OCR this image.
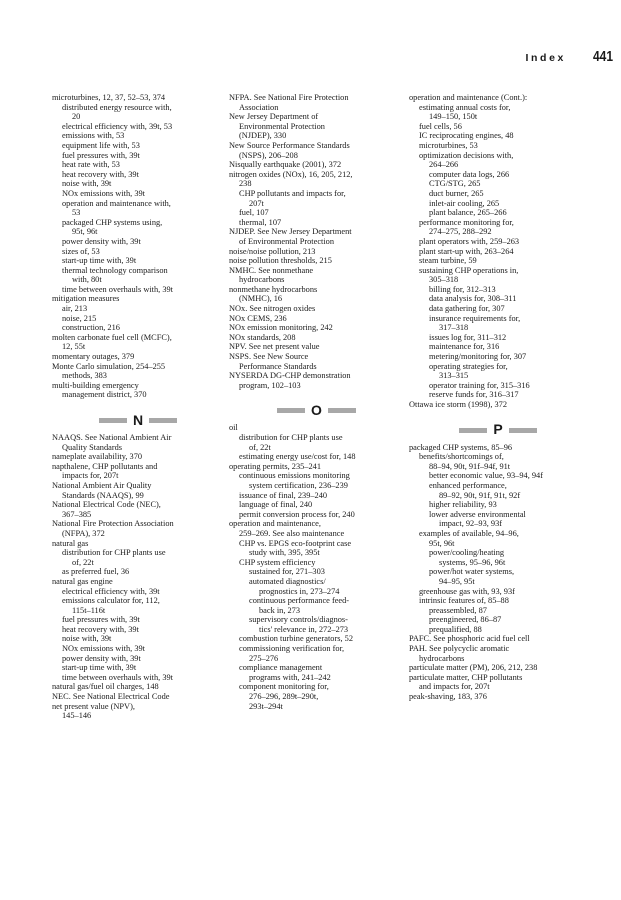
Index 441
microturbines, 12, 37, 52–53, 374
distributed energy resource with,
20
electrical efficiency with, 39t, 53
emissions with, 53
equipment life with, 53
fuel pressures with, 39t
heat rate with, 53
heat recovery with, 39t
noise with, 39t
NOx emissions with, 39t
operation and maintenance with,
53
packaged CHP systems using,
95t, 96t
power density with, 39t
sizes of, 53
start-up time with, 39t
thermal technology comparison
with, 80t
time between overhauls with, 39t
mitigation measures
air, 213
noise, 215
construction, 216
molten carbonate fuel cell (MCFC),
12, 55t
momentary outages, 379
Monte Carlo simulation, 254–255
methods, 383
multi-building emergency
management district, 370
N
NAAQS. See National Ambient Air
Quality Standards
nameplate availability, 370
napthalene, CHP pollutants and
impacts for, 207t
National Ambient Air Quality
Standards (NAAQS), 99
National Electrical Code (NEC),
367–385
National Fire Protection Association
(NFPA), 372
natural gas
distribution for CHP plants use
of, 22t
as preferred fuel, 36
natural gas engine
electrical efficiency with, 39t
emissions calculator for, 112,
115t–116t
fuel pressures with, 39t
heat recovery with, 39t
noise with, 39t
NOx emissions with, 39t
power density with, 39t
start-up time with, 39t
time between overhauls with, 39t
natural gas/fuel oil charges, 148
NEC. See National Electrical Code
net present value (NPV),
145–146
NFPA. See National Fire Protection
Association
New Jersey Department of
Environmental Protection
(NJDEP), 330
New Source Performance Standards
(NSPS), 206–208
Nisqually earthquake (2001), 372
nitrogen oxides (NOx), 16, 205, 212,
238
CHP pollutants and impacts for,
207t
fuel, 107
thermal, 107
NJDEP. See New Jersey Department
of Environmental Protection
noise/noise pollution, 213
noise pollution thresholds, 215
NMHC. See nonmethane
hydrocarbons
nonmethane hydrocarbons
(NMHC), 16
NOx. See nitrogen oxides
NOx CEMS, 236
NOx emission monitoring, 242
NOx standards, 208
NPV. See net present value
NSPS. See New Source
Performance Standards
NYSERDA DG-CHP demonstration
program, 102–103
O
oil
distribution for CHP plants use
of, 22t
estimating energy use/cost for, 148
operating permits, 235–241
continuous emissions monitoring
system certification, 236–239
issuance of final, 239–240
language of final, 240
permit conversion process for, 240
operation and maintenance,
259–269. See also maintenance
CHP vs. EPGS eco-footprint case
study with, 395, 395t
CHP system efficiency
sustained for, 271–303
automated diagnostics/
prognostics in, 273–274
continuous performance feed-
back in, 273
supervisory controls/diagnos-
tics' relevance in, 272–273
combustion turbine generators, 52
commissioning verification for,
275–276
compliance management
programs with, 241–242
component monitoring for,
276–296, 289t–290t,
293t–294t
operation and maintenance (Cont.):
estimating annual costs for,
149–150, 150t
fuel cells, 56
IC reciprocating engines, 48
microturbines, 53
optimization decisions with,
264–266
computer data logs, 266
CTG/STG, 265
duct burner, 265
inlet-air cooling, 265
plant balance, 265–266
performance monitoring for,
274–275, 288–292
plant operators with, 259–263
plant start-up with, 263–264
steam turbine, 59
sustaining CHP operations in,
305–318
billing for, 312–313
data analysis for, 308–311
data gathering for, 307
insurance requirements for,
317–318
issues log for, 311–312
maintenance for, 316
metering/monitoring for, 307
operating strategies for,
313–315
operator training for, 315–316
reserve funds for, 316–317
Ottawa ice storm (1998), 372
P
packaged CHP systems, 85–96
benefits/shortcomings of,
88–94, 90t, 91f–94f, 91t
better economic value, 93–94, 94f
enhanced performance,
89–92, 90t, 91f, 91t, 92f
higher reliability, 93
lower adverse environmental
impact, 92–93, 93f
examples of available, 94–96,
95t, 96t
power/cooling/heating
systems, 95–96, 96t
power/hot water systems,
94–95, 95t
greenhouse gas with, 93, 93f
intrinsic features of, 85–88
preassembled, 87
preengineered, 86–87
prequalified, 88
PAFC. See phosphoric acid fuel cell
PAH. See polycyclic aromatic
hydrocarbons
particulate matter (PM), 206, 212, 238
particulate matter, CHP pollutants
and impacts for, 207t
peak-shaving, 183, 376
